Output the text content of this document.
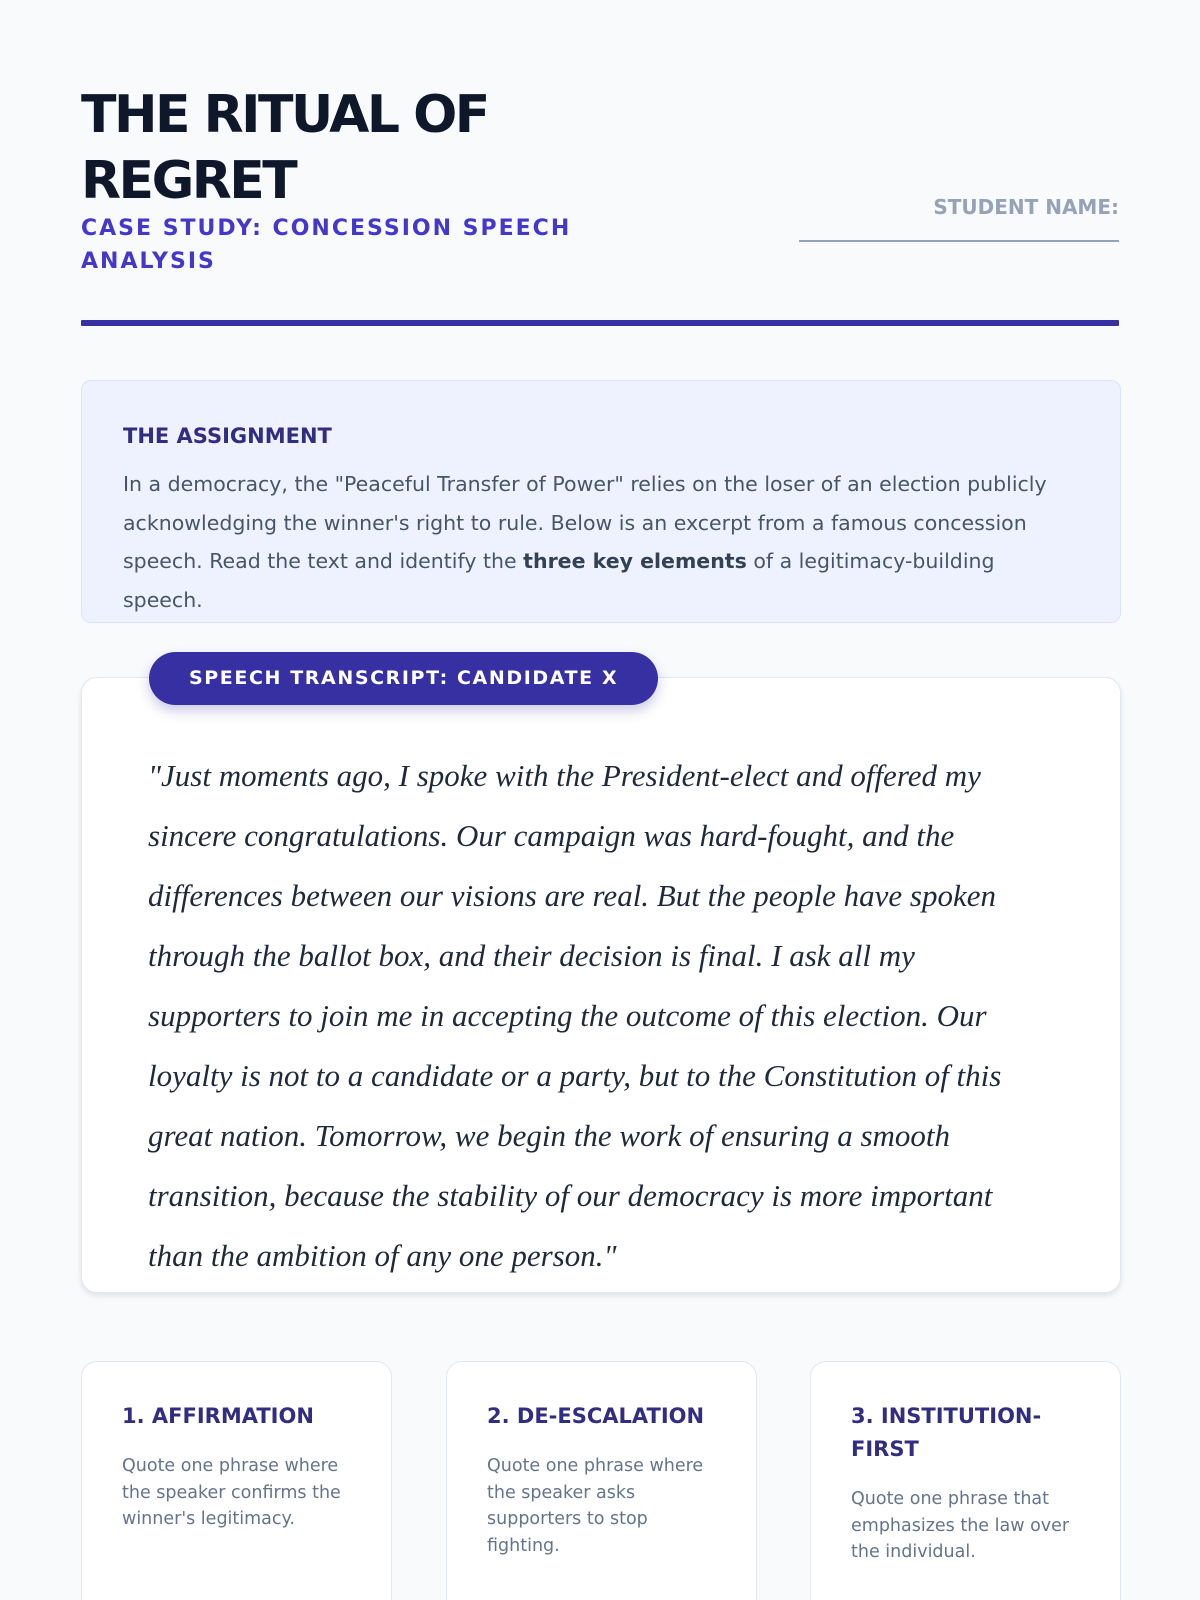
THE RITUAL OF REGRET
CASE STUDY: CONCESSION SPEECH ANALYSIS
STUDENT NAME:
THE ASSIGNMENT

In a democracy, the "Peaceful Transfer of Power" relies on the loser of an election publicly acknowledging the winner's right to rule. Below is an excerpt from a famous concession speech. Read the text and identify the three key elements of a legitimacy-building speech.

SPEECH TRANSCRIPT: CANDIDATE X

"Just moments ago, I spoke with the President-elect and offered my sincere congratulations. Our campaign was hard-fought, and the differences between our visions are real. But the people have spoken through the ballot box, and their decision is final. I ask all my supporters to join me in accepting the outcome of this election. Our loyalty is not to a candidate or a party, but to the Constitution of this great nation. Tomorrow, we begin the work of ensuring a smooth transition, because the stability of our democracy is more important than the ambition of any one person."

1. AFFIRMATION

Quote one phrase where the speaker confirms the winner's legitimacy.

2. DE-ESCALATION

Quote one phrase where the speaker asks supporters to stop fighting.

3. INSTITUTION-FIRST

Quote one phrase that emphasizes the law over the individual.
